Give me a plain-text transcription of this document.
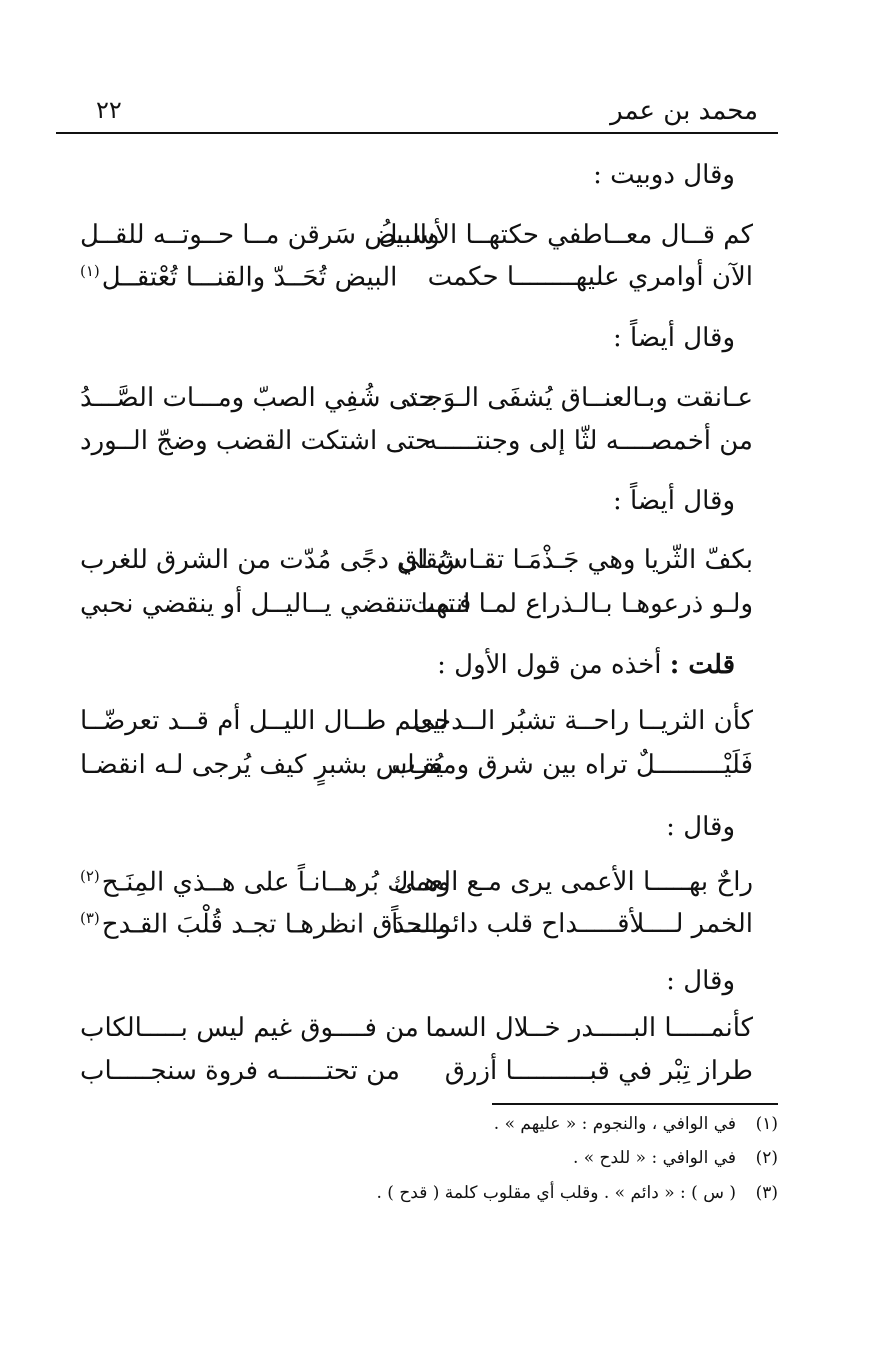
٢٢	محمد بن عمر
وقال دوبيت :
كم قــال معــاطفي حكتهــا الأســلُ
والبيض سَرقن مــا حــوتــه للقــل
الآن أوامري عليهــــــــا حكمت
البيض تُحَــدّ والقنـــا تُعْتقــل$^{(١)}$
وقال أيضاً :
عـانقت وبـالعنــاق يُشفَى الـوَجـد
حتى شُفِي الصبّ ومـــات الصَّـــدُ
من أخمصــــه لثّا إلى وجنتـــــه
حتى اشتكت القضب وضجّ الــورد
وقال أيضاً :
بكفّ الثّريا وهي جَـذْمَـا تقـاسُ لي
شقاق دجًى مُدّت من الشرق للغرب
ولـو ذرعوهـا بـالـذراع لمـا انتهت
فـمـا تنقضي يــاليــل أو ينقضي نحبي
قلت : أخذه من قول الأول :
كأن الثريــا راحــة تشبُر الــدجى
ليعلم طــال الليــل أم قــد تعرضّــا
فَلَيْـــــــــلٌ تراه بين شرق ومغرب
يُقـاس بشبرٍ كيف يُرجى لـه انقضـا
وقال :
راحٌ بهـــــا الأعمى يرى مـع العمى
وهـاك بُرهــانـاً على هــذي المِنَـح$^{(٢)}$
الخمر لــــلأقـــــداح قلب دائمـــــاً
والحدَق انظرهـا تجـد قُلْبَ القـدح$^{(٣)}$
وقال :
كأنمـــــا البـــــدر خــلال السما
من فــــوق غيم ليس بـــــالكاب
طراز تِبْر في قبــــــــــا أزرق
من تحتــــــه فروة سنجـــــاب
(١)في الوافي ، والنجوم : « عليهم » .
(٢)في الوافي : « للدح » .
(٣)( س ) : « دائم » . وقلب أي مقلوب كلمة ( قدح ) .
